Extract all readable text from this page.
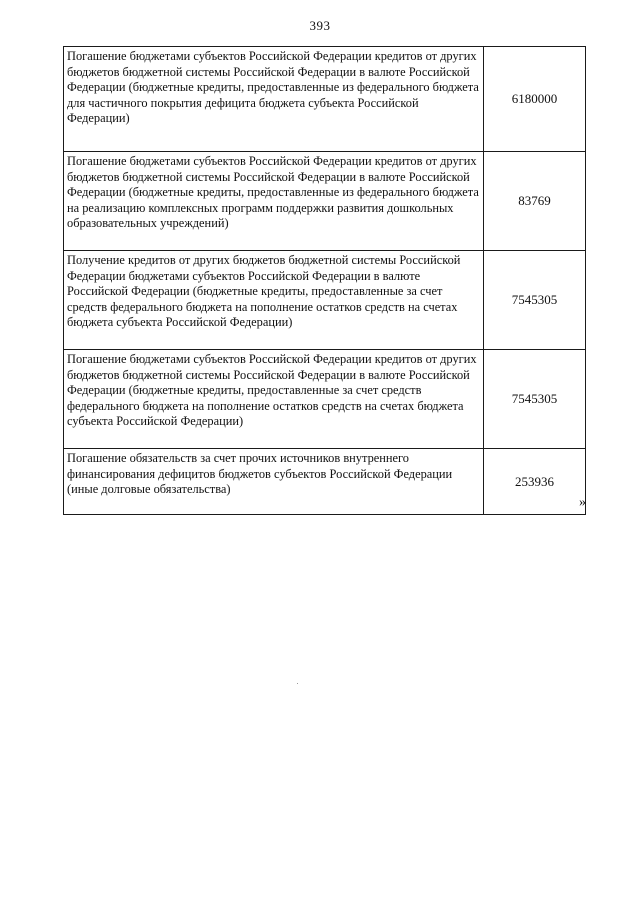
393
Погашение бюджетами субъектов Российской Федерации кредитов от других бюджетов бюджетной системы Российской Федерации в валюте Российской Федерации (бюджетные кредиты, предоставленные из федерального бюджета для частичного покрытия дефицита бюджета субъекта Российской Федерации)	6180000
Погашение бюджетами субъектов Российской Федерации кредитов от других бюджетов бюджетной системы Российской Федерации в валюте Российской Федерации (бюджетные кредиты, предоставленные из федерального бюджета на реализацию комплексных программ поддержки развития дошкольных образовательных учреждений)	83769
Получение кредитов от других бюджетов бюджетной системы Российской Федерации бюджетами субъектов Российской Федерации в валюте Российской Федерации (бюджетные кредиты, предоставленные за счет средств федерального бюджета на пополнение остатков средств на счетах бюджета субъекта Российской Федерации)	7545305
Погашение бюджетами субъектов Российской Федерации кредитов от других бюджетов бюджетной системы Российской Федерации в валюте Российской Федерации (бюджетные кредиты, предоставленные за счет средств федерального бюджета на пополнение остатков средств на счетах бюджета субъекта Российской Федерации)	7545305
Погашение обязательств за счет прочих источников внутреннего финансирования дефицитов бюджетов субъектов Российской Федерации (иные долговые обязательства)	253936
»
